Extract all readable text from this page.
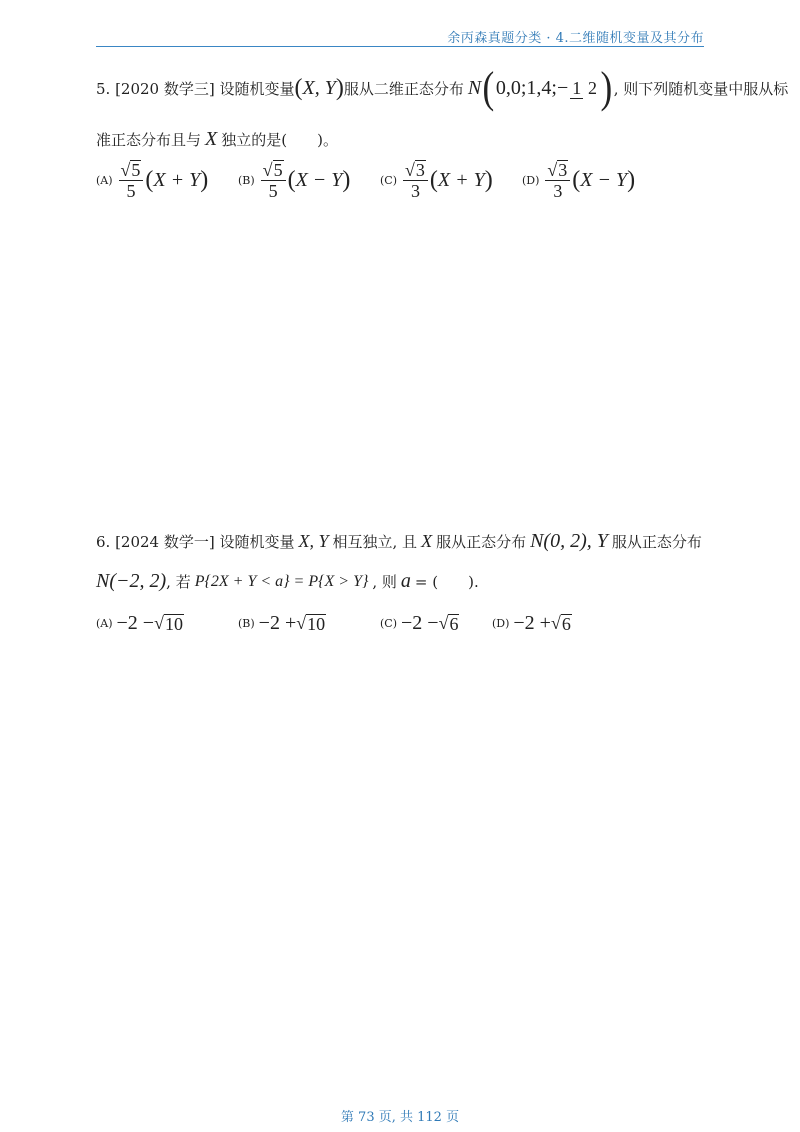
余丙森真题分类 · 4.二维随机变量及其分布
5. [2020 数学三] 设随机变量 ( X, Y ) 服从二维正态分布 N ( 0,0;1,4;− 1 2 ) , 则下列随机变量中服从标
准正态分布且与 X 独立的是(　　)。
$(A) \frac{√ 5}{5}$ ( X + Y )	$(B) \frac{√ 5}{5}$ ( X − Y )	$(C) \frac{√ 3}{3}$ ( X + Y )	$(D) \frac{√ 3}{3}$ ( X − Y )
6. [2024 数学一] 设随机变量 X, Y 相互独立, 且 X 服从正态分布 N(0, 2), Y 服从正态分布
N(−2, 2) , 若 P{2X + Y < a} = P{X > Y} , 则 a = (　　).
(A) −2 − √ 10	(B) −2 + √ 10	(C) −2 − √ 6	(D) −2 + √ 6
第 73 页, 共 112 页
